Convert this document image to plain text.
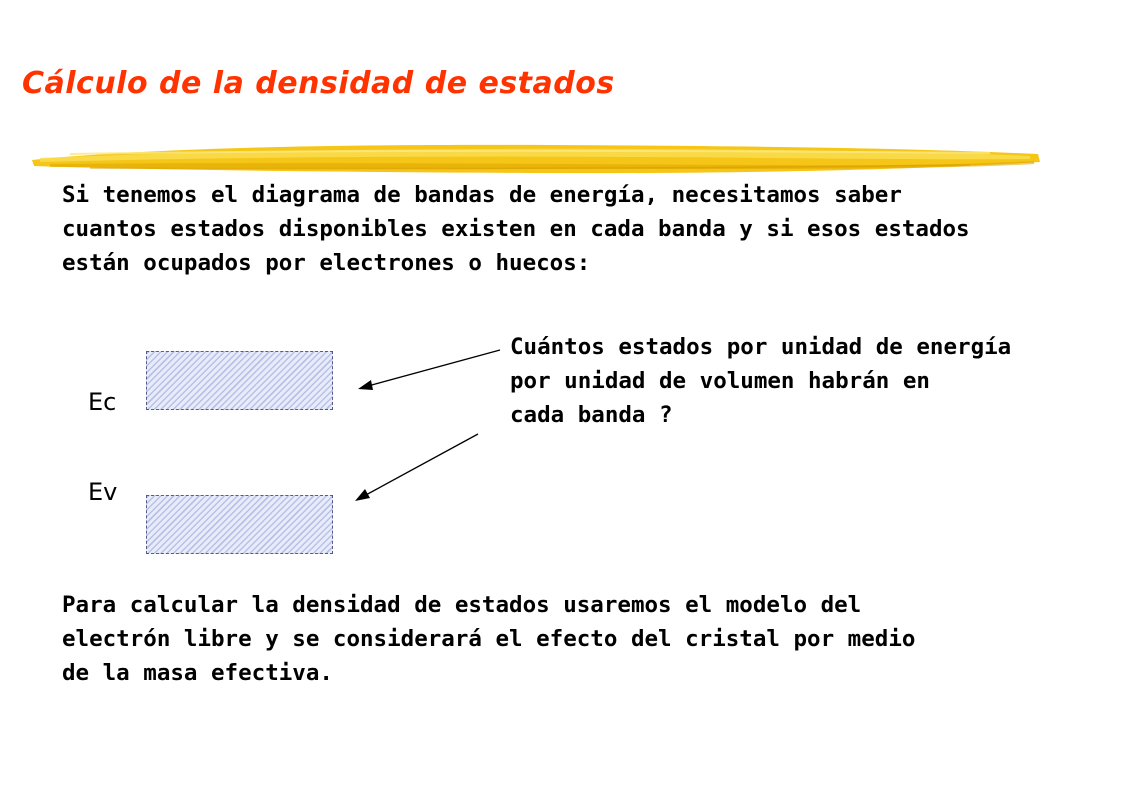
Cálculo de la densidad de estados

Si tenemos el diagrama de bandas de energía, necesitamos saber
cuantos estados disponibles existen en cada banda y si esos estados
están ocupados por electrones o huecos:

Ec
Ev

Cuántos estados por unidad de energía
por unidad de volumen habrán en
cada banda ?

Para calcular la densidad de estados usaremos el modelo del
electrón libre y se considerará el efecto del cristal por medio
de la masa efectiva.
